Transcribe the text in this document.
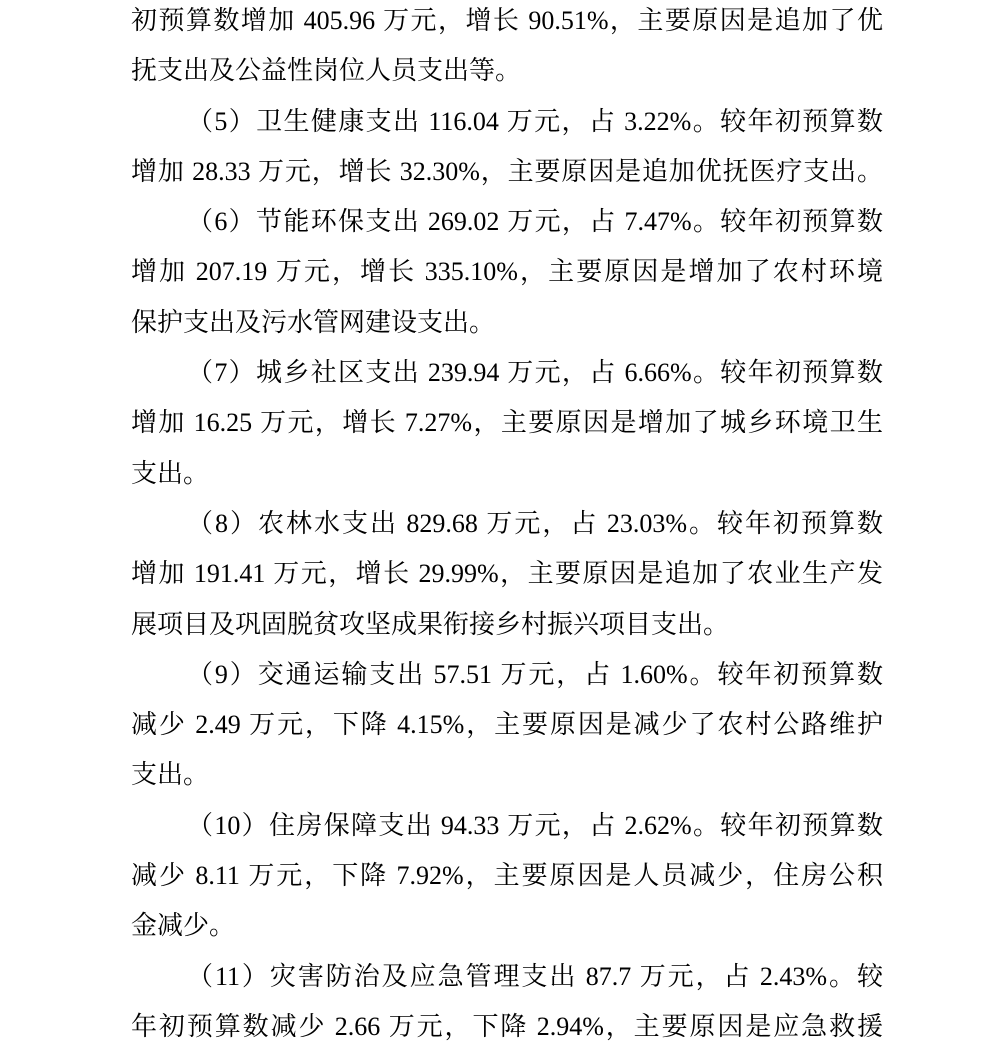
初预算数增加 405.96 万元，增长 90.51%，主要原因是追加了优
抚支出及公益性岗位人员支出等。
（5）卫生健康支出 116.04 万元，占 3.22%。较年初预算数
增加 28.33 万元，增长 32.30%，主要原因是追加优抚医疗支出。
（6）节能环保支出 269.02 万元，占 7.47%。较年初预算数
增加 207.19 万元，增长 335.10%，主要原因是增加了农村环境
保护支出及污水管网建设支出。
（7）城乡社区支出 239.94 万元，占 6.66%。较年初预算数
增加 16.25 万元，增长 7.27%，主要原因是增加了城乡环境卫生
支出。
（8）农林水支出 829.68 万元，占 23.03%。较年初预算数
增加 191.41 万元，增长 29.99%，主要原因是追加了农业生产发
展项目及巩固脱贫攻坚成果衔接乡村振兴项目支出。
（9）交通运输支出 57.51 万元，占 1.60%。较年初预算数
减少 2.49 万元，下降 4.15%，主要原因是减少了农村公路维护
支出。
（10）住房保障支出 94.33 万元，占 2.62%。较年初预算数
减少 8.11 万元，下降 7.92%，主要原因是人员减少，住房公积
金减少。
（11）灾害防治及应急管理支出 87.7 万元，占 2.43%。较
年初预算数减少 2.66 万元，下降 2.94%，主要原因是应急救援
